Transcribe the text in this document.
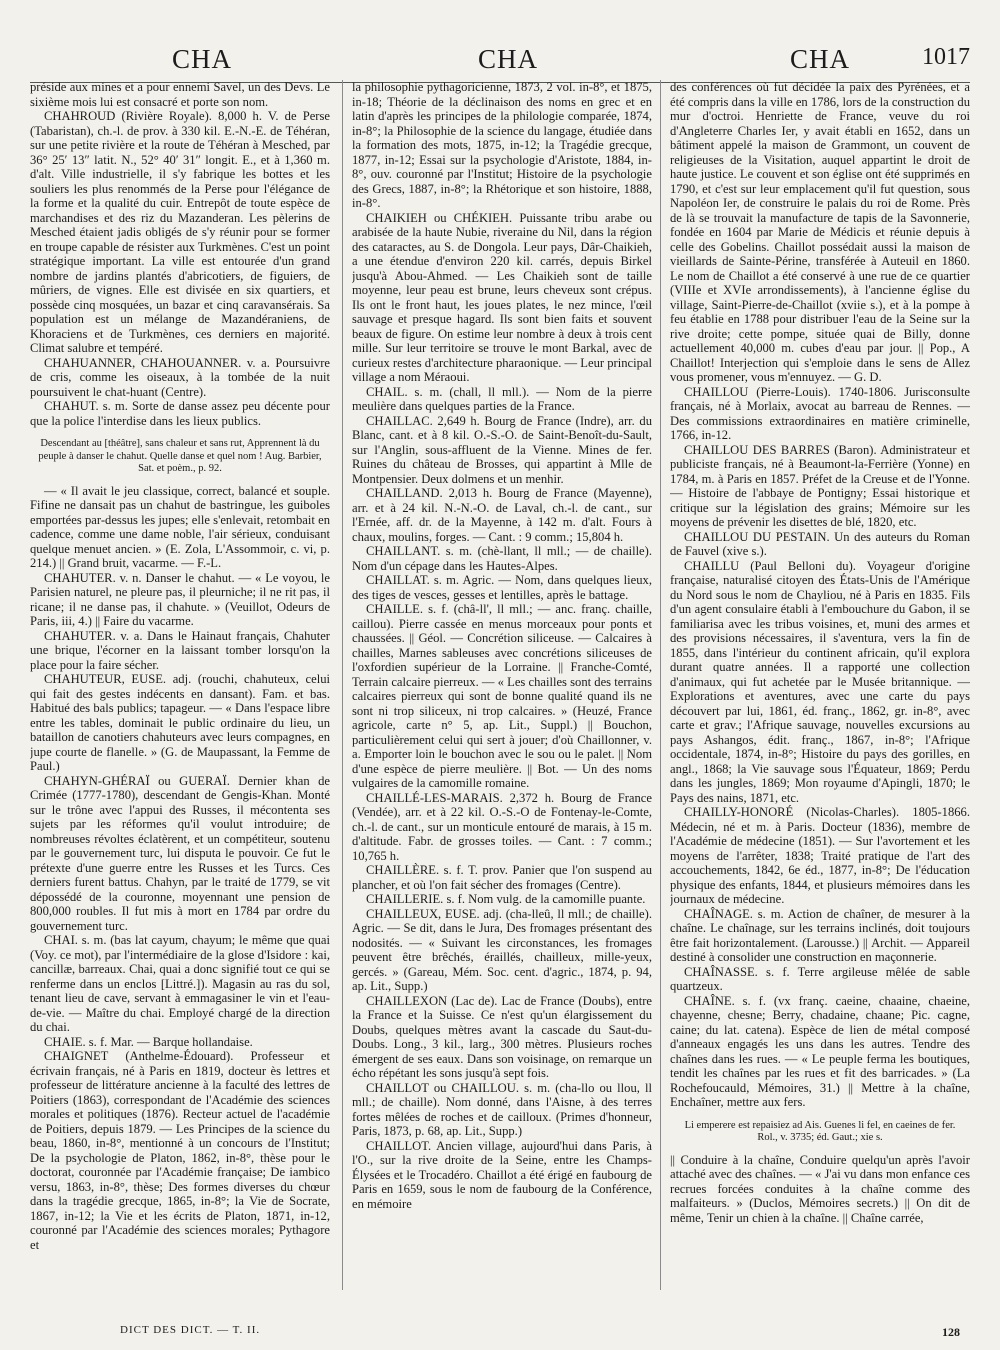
CHA	CHA	CHA	1017

préside aux mines et a pour ennemi Savel, un des Devs. Le sixième mois lui est consacré et porte son nom.

CHAHROUD (Rivière Royale). 8,000 h. V. de Perse (Tabaristan), ch.-l. de prov. à 330 kil. E.-N.-E. de Téhéran, sur une petite rivière et la route de Téhéran à Mesched, par 36° 25′ 13″ latit. N., 52° 40′ 31″ longit. E., et à 1,360 m. d'alt. Ville industrielle, il s'y fabrique les bottes et les souliers les plus renommés de la Perse pour l'élégance de la forme et la qualité du cuir. Entrepôt de toute espèce de marchandises et des riz du Mazanderan. Les pèlerins de Mesched étaient jadis obligés de s'y réunir pour se former en troupe capable de résister aux Turkmènes. C'est un point stratégique important. La ville est entourée d'un grand nombre de jardins plantés d'abricotiers, de figuiers, de mûriers, de vignes. Elle est divisée en six quartiers, et possède cinq mosquées, un bazar et cinq caravansérais. Sa population est un mélange de Mazandéraniens, de Khoraciens et de Turkmènes, ces derniers en majorité. Climat salubre et tempéré.

CHAHUANNER, CHAHOUANNER. v. a. Poursuivre de cris, comme les oiseaux, à la tombée de la nuit poursuivent le chat-huant (Centre).

CHAHUT. s. m. Sorte de danse assez peu décente pour que la police l'interdise dans les lieux publics.

Descendant au [théâtre], sans chaleur et sans rut, Apprennent là du peuple à danser le chahut. Quelle danse et quel nom ! Aug. Barbier, Sat. et poèm., p. 92.

— « Il avait le jeu classique, correct, balancé et souple. Fifine ne dansait pas un chahut de bastringue, les guiboles emportées par-dessus les jupes; elle s'enlevait, retombait en cadence, comme une dame noble, l'air sérieux, conduisant quelque menuet ancien. » (E. Zola, L'Assommoir, c. vi, p. 214.) || Grand bruit, vacarme. — F.-L.

CHAHUTER. v. n. Danser le chahut. — « Le voyou, le Parisien naturel, ne pleure pas, il pleurniche; il ne rit pas, il ricane; il ne danse pas, il chahute. » (Veuillot, Odeurs de Paris, iii, 4.) || Faire du vacarme.

CHAHUTER. v. a. Dans le Hainaut français, Chahuter une brique, l'écorner en la laissant tomber lorsqu'on la place pour la faire sécher.

CHAHUTEUR, EUSE. adj. (rouchi, chahuteux, celui qui fait des gestes indécents en dansant). Fam. et bas. Habitué des bals publics; tapageur. — « Dans l'espace libre entre les tables, dominait le public ordinaire du lieu, un bataillon de canotiers chahuteurs avec leurs compagnes, en jupe courte de flanelle. » (G. de Maupassant, la Femme de Paul.)

CHAHYN-GHÉRAÏ ou GUERAÏ. Dernier khan de Crimée (1777-1780), descendant de Gengis-Khan. Monté sur le trône avec l'appui des Russes, il mécontenta ses sujets par les réformes qu'il voulut introduire; de nombreuses révoltes éclatèrent, et un compétiteur, soutenu par le gouvernement turc, lui disputa le pouvoir. Ce fut le prétexte d'une guerre entre les Russes et les Turcs. Ces derniers furent battus. Chahyn, par le traité de 1779, se vit dépossédé de la couronne, moyennant une pension de 800,000 roubles. Il fut mis à mort en 1784 par ordre du gouvernement turc.

CHAI. s. m. (bas lat cayum, chayum; le même que quai (Voy. ce mot), par l'intermédiaire de la glose d'Isidore : kai, cancillæ, barreaux. Chai, quai a donc signifié tout ce qui se renferme dans un enclos [Littré.]). Magasin au ras du sol, tenant lieu de cave, servant à emmagasiner le vin et l'eau-de-vie. — Maître du chai. Employé chargé de la direction du chai.

CHAIE. s. f. Mar. — Barque hollandaise.

CHAIGNET (Anthelme-Édouard). Professeur et écrivain français, né à Paris en 1819, docteur ès lettres et professeur de littérature ancienne à la faculté des lettres de Poitiers (1863), correspondant de l'Académie des sciences morales et politiques (1876). Recteur actuel de l'académie de Poitiers, depuis 1879. — Les Principes de la science du beau, 1860, in-8°, mentionné à un concours de l'Institut; De la psychologie de Platon, 1862, in-8°, thèse pour le doctorat, couronnée par l'Académie française; De iambico versu, 1863, in-8°, thèse; Des formes diverses du chœur dans la tragédie grecque, 1865, in-8°; la Vie de Socrate, 1867, in-12; la Vie et les écrits de Platon, 1871, in-12, couronné par l'Académie des sciences morales; Pythagore et

la philosophie pythagoricienne, 1873, 2 vol. in-8°, et 1875, in-18; Théorie de la déclinaison des noms en grec et en latin d'après les principes de la philologie comparée, 1874, in-8°; la Philosophie de la science du langage, étudiée dans la formation des mots, 1875, in-12; la Tragédie grecque, 1877, in-12; Essai sur la psychologie d'Aristote, 1884, in-8°, ouv. couronné par l'Institut; Histoire de la psychologie des Grecs, 1887, in-8°; la Rhétorique et son histoire, 1888, in-8°.

CHAIKIEH ou CHÉKIEH. Puissante tribu arabe ou arabisée de la haute Nubie, riveraine du Nil, dans la région des cataractes, au S. de Dongola. Leur pays, Dâr-Chaikieh, a une étendue d'environ 220 kil. carrés, depuis Birkel jusqu'à Abou-Ahmed. — Les Chaikieh sont de taille moyenne, leur peau est brune, leurs cheveux sont crépus. Ils ont le front haut, les joues plates, le nez mince, l'œil sauvage et presque hagard. Ils sont bien faits et souvent beaux de figure. On estime leur nombre à deux à trois cent mille. Sur leur territoire se trouve le mont Barkal, avec de curieux restes d'architecture pharaonique. — Leur principal village a nom Méraoui.

CHAIL. s. m. (chall, ll mll.). — Nom de la pierre meulière dans quelques parties de la France.

CHAILLAC. 2,649 h. Bourg de France (Indre), arr. du Blanc, cant. et à 8 kil. O.-S.-O. de Saint-Benoît-du-Sault, sur l'Anglin, sous-affluent de la Vienne. Mines de fer. Ruines du château de Brosses, qui appartint à Mlle de Montpensier. Deux dolmens et un menhir.

CHAILLAND. 2,013 h. Bourg de France (Mayenne), arr. et à 24 kil. N.-N.-O. de Laval, ch.-l. de cant., sur l'Ernée, aff. dr. de la Mayenne, à 142 m. d'alt. Fours à chaux, moulins, forges. — Cant. : 9 comm.; 15,804 h.

CHAILLANT. s. m. (chè-llant, ll mll.; — de chaille). Nom d'un cépage dans les Hautes-Alpes.

CHAILLAT. s. m. Agric. — Nom, dans quelques lieux, des tiges de vesces, gesses et lentilles, après le battage.

CHAILLE. s. f. (châ-ll', ll mll.; — anc. franç. chaille, caillou). Pierre cassée en menus morceaux pour ponts et chaussées. || Géol. — Concrétion siliceuse. — Calcaires à chailles, Marnes sableuses avec concrétions siliceuses de l'oxfordien supérieur de la Lorraine. || Franche-Comté, Terrain calcaire pierreux. — « Les chailles sont des terrains calcaires pierreux qui sont de bonne qualité quand ils ne sont ni trop siliceux, ni trop calcaires. » (Heuzé, France agricole, carte n° 5, ap. Lit., Suppl.) || Bouchon, particulièrement celui qui sert à jouer; d'où Chaillonner, v. a. Emporter loin le bouchon avec le sou ou le palet. || Nom d'une espèce de pierre meulière. || Bot. — Un des noms vulgaires de la camomille romaine.

CHAILLÉ-LES-MARAIS. 2,372 h. Bourg de France (Vendée), arr. et à 22 kil. O.-S.-O de Fontenay-le-Comte, ch.-l. de cant., sur un monticule entouré de marais, à 15 m. d'altitude. Fabr. de grosses toiles. — Cant. : 7 comm.; 10,765 h.

CHAILLÈRE. s. f. T. prov. Panier que l'on suspend au plancher, et où l'on fait sécher des fromages (Centre).

CHAILLERIE. s. f. Nom vulg. de la camomille puante.

CHAILLEUX, EUSE. adj. (cha-lleû, ll mll.; de chaille). Agric. — Se dit, dans le Jura, Des fromages présentant des nodosités. — « Suivant les circonstances, les fromages peuvent être brêchés, éraillés, chailleux, mille-yeux, gercés. » (Gareau, Mém. Soc. cent. d'agric., 1874, p. 94, ap. Lit., Supp.)

CHAILLEXON (Lac de). Lac de France (Doubs), entre la France et la Suisse. Ce n'est qu'un élargissement du Doubs, quelques mètres avant la cascade du Saut-du-Doubs. Long., 3 kil., larg., 300 mètres. Plusieurs roches émergent de ses eaux. Dans son voisinage, on remarque un écho répétant les sons jusqu'à sept fois.

CHAILLOT ou CHAILLOU. s. m. (cha-llo ou llou, ll mll.; de chaille). Nom donné, dans l'Aisne, à des terres fortes mêlées de roches et de cailloux. (Primes d'honneur, Paris, 1873, p. 68, ap. Lit., Supp.)

CHAILLOT. Ancien village, aujourd'hui dans Paris, à l'O., sur la rive droite de la Seine, entre les Champs-Élysées et le Trocadéro. Chaillot a été érigé en faubourg de Paris en 1659, sous le nom de faubourg de la Conférence, en mémoire

des conférences où fut décidée la paix des Pyrénées, et a été compris dans la ville en 1786, lors de la construction du mur d'octroi. Henriette de France, veuve du roi d'Angleterre Charles Ier, y avait établi en 1652, dans un bâtiment appelé la maison de Grammont, un couvent de religieuses de la Visitation, auquel appartint le droit de haute justice. Le couvent et son église ont été supprimés en 1790, et c'est sur leur emplacement qu'il fut question, sous Napoléon Ier, de construire le palais du roi de Rome. Près de là se trouvait la manufacture de tapis de la Savonnerie, fondée en 1604 par Marie de Médicis et réunie depuis à celle des Gobelins. Chaillot possédait aussi la maison de vieillards de Sainte-Périne, transférée à Auteuil en 1860. Le nom de Chaillot a été conservé à une rue de ce quartier (VIIIe et XVIe arrondissements), à l'ancienne église du village, Saint-Pierre-de-Chaillot (xviie s.), et à la pompe à feu établie en 1788 pour distribuer l'eau de la Seine sur la rive droite; cette pompe, située quai de Billy, donne actuellement 40,000 m. cubes d'eau par jour. || Pop., A Chaillot! Interjection qui s'emploie dans le sens de Allez vous promener, vous m'ennuyez. — G. D.

CHAILLOU (Pierre-Louis). 1740-1806. Jurisconsulte français, né à Morlaix, avocat au barreau de Rennes. — Des commissions extraordinaires en matière criminelle, 1766, in-12.

CHAILLOU DES BARRES (Baron). Administrateur et publiciste français, né à Beaumont-la-Ferrière (Yonne) en 1784, m. à Paris en 1857. Préfet de la Creuse et de l'Yonne. — Histoire de l'abbaye de Pontigny; Essai historique et critique sur la législation des grains; Mémoire sur les moyens de prévenir les disettes de blé, 1820, etc.

CHAILLOU DU PESTAIN. Un des auteurs du Roman de Fauvel (xive s.).

CHAILLU (Paul Belloni du). Voyageur d'origine française, naturalisé citoyen des États-Unis de l'Amérique du Nord sous le nom de Chayliou, né à Paris en 1835. Fils d'un agent consulaire établi à l'embouchure du Gabon, il se familiarisa avec les tribus voisines, et, muni des armes et des provisions nécessaires, il s'aventura, vers la fin de 1855, dans l'intérieur du continent africain, qu'il explora durant quatre années. Il a rapporté une collection d'animaux, qui fut achetée par le Musée britannique. — Explorations et aventures, avec une carte du pays découvert par lui, 1861, éd. franç., 1862, gr. in-8°, avec carte et grav.; l'Afrique sauvage, nouvelles excursions au pays Ashangos, édit. franç., 1867, in-8°; l'Afrique occidentale, 1874, in-8°; Histoire du pays des gorilles, en angl., 1868; la Vie sauvage sous l'Équateur, 1869; Perdu dans les jungles, 1869; Mon royaume d'Apingli, 1870; le Pays des nains, 1871, etc.

CHAILLY-HONORÉ (Nicolas-Charles). 1805-1866. Médecin, né et m. à Paris. Docteur (1836), membre de l'Académie de médecine (1851). — Sur l'avortement et les moyens de l'arrêter, 1838; Traité pratique de l'art des accouchements, 1842, 6e éd., 1877, in-8°; De l'éducation physique des enfants, 1844, et plusieurs mémoires dans les journaux de médecine.

CHAÎNAGE. s. m. Action de chaîner, de mesurer à la chaîne. Le chaînage, sur les terrains inclinés, doit toujours être fait horizontalement. (Larousse.) || Archit. — Appareil destiné à consolider une construction en maçonnerie.

CHAÎNASSE. s. f. Terre argileuse mêlée de sable quartzeux.

CHAÎNE. s. f. (vx franç. caeine, chaaine, chaeine, chayenne, chesne; Berry, chadaine, chaane; Pic. cagne, caine; du lat. catena). Espèce de lien de métal composé d'anneaux engagés les uns dans les autres. Tendre des chaînes dans les rues. — « Le peuple ferma les boutiques, tendit les chaînes par les rues et fit des barricades. » (La Rochefoucauld, Mémoires, 31.) || Mettre à la chaîne, Enchaîner, mettre aux fers.

Li emperere est repaisiez ad Ais. Guenes li fel, en caeines de fer. Rol., v. 3735; éd. Gaut.; xie s.

|| Conduire à la chaîne, Conduire quelqu'un après l'avoir attaché avec des chaînes. — « J'ai vu dans mon enfance ces recrues forcées conduites à la chaîne comme des malfaiteurs. » (Duclos, Mémoires secrets.) || On dit de même, Tenir un chien à la chaîne. || Chaîne carrée,

DICT DES DICT. — T. II.	128
